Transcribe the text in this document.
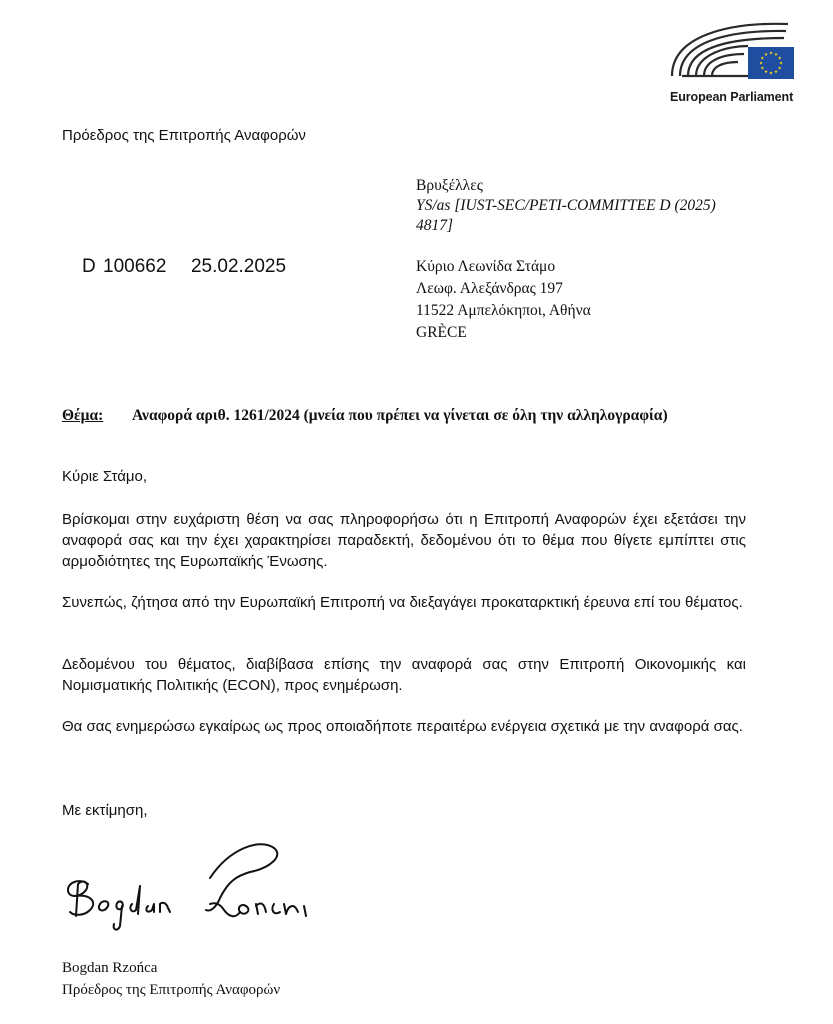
European Parliament
Πρόεδρος της Επιτροπής Αναφορών
Βρυξέλλες
YS/as [IUST-SEC/PETI-COMMITTEE D (2025) 4817]
D 100662 25.02.2025	Κύριο Λεωνίδα Στάμο
Λεωφ. Αλεξάνδρας 197
11522 Αμπελόκηποι, Αθήνα
GRÈCE
Θέμα: Αναφορά αριθ. 1261/2024 (μνεία που πρέπει να γίνεται σε όλη την αλληλογραφία)
Κύριε Στάμο,
Βρίσκομαι στην ευχάριστη θέση να σας πληροφορήσω ότι η Επιτροπή Αναφορών έχει εξετάσει την αναφορά σας και την έχει χαρακτηρίσει παραδεκτή, δεδομένου ότι το θέμα που θίγετε εμπίπτει στις αρμοδιότητες της Ευρωπαϊκής Ένωσης.
Συνεπώς, ζήτησα από την Ευρωπαϊκή Επιτροπή να διεξαγάγει προκαταρκτική έρευνα επί του θέματος.
Δεδομένου του θέματος, διαβίβασα επίσης την αναφορά σας στην Επιτροπή Οικονομικής και Νομισματικής Πολιτικής (ECON), προς ενημέρωση.
Θα σας ενημερώσω εγκαίρως ως προς οποιαδήποτε περαιτέρω ενέργεια σχετικά με την αναφορά σας.
Με εκτίμηση,
Bogdan Rzońca
Πρόεδρος της Επιτροπής Αναφορών
